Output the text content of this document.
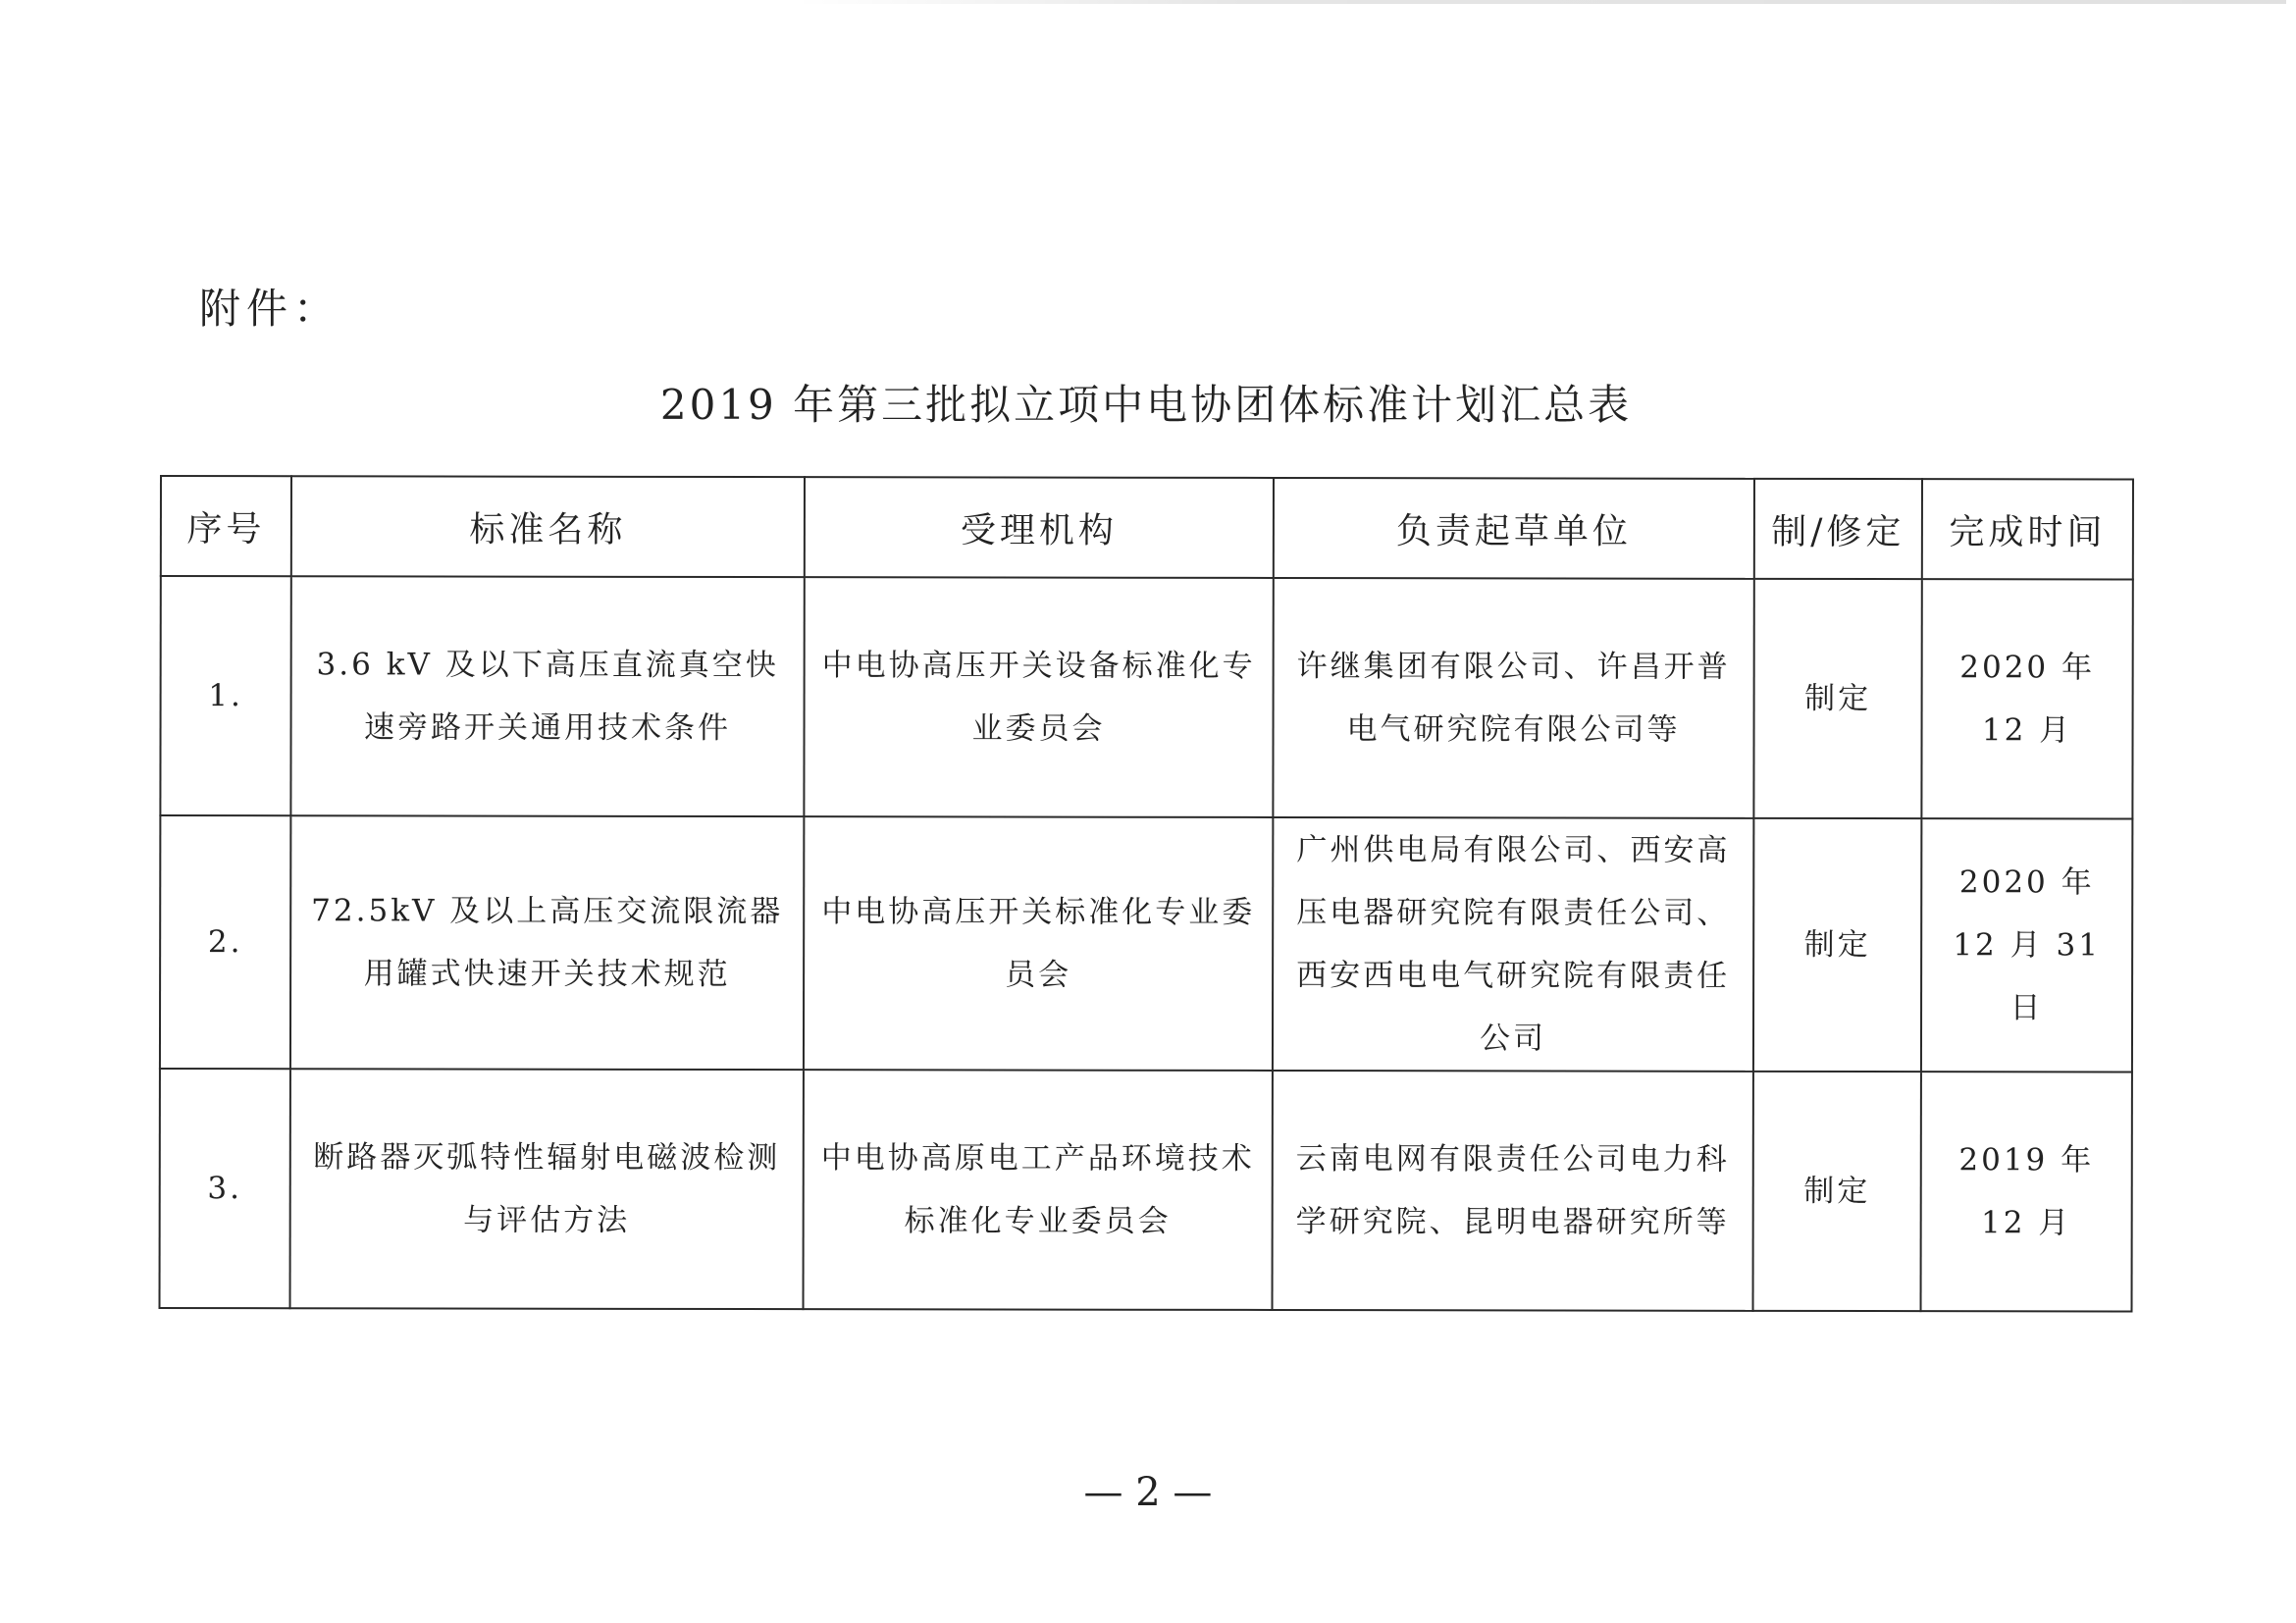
附件：
2019 年第三批拟立项中电协团体标准计划汇总表
序号	标准名称	受理机构	负责起草单位	制/修定	完成时间
1.	3.6 kV 及以下高压直流真空快速旁路开关通用技术条件	中电协高压开关设备标准化专业委员会	许继集团有限公司、许昌开普电气研究院有限公司等	制定	2020 年 12 月
2.	72.5kV 及以上高压交流限流器用罐式快速开关技术规范	中电协高压开关标准化专业委员会	广州供电局有限公司、西安高压电器研究院有限责任公司、西安西电电气研究院有限责任公司	制定	2020 年 12 月 31 日
3.	断路器灭弧特性辐射电磁波检测与评估方法	中电协高原电工产品环境技术标准化专业委员会	云南电网有限责任公司电力科学研究院、昆明电器研究所等	制定	2019 年 12 月
— 2 —
